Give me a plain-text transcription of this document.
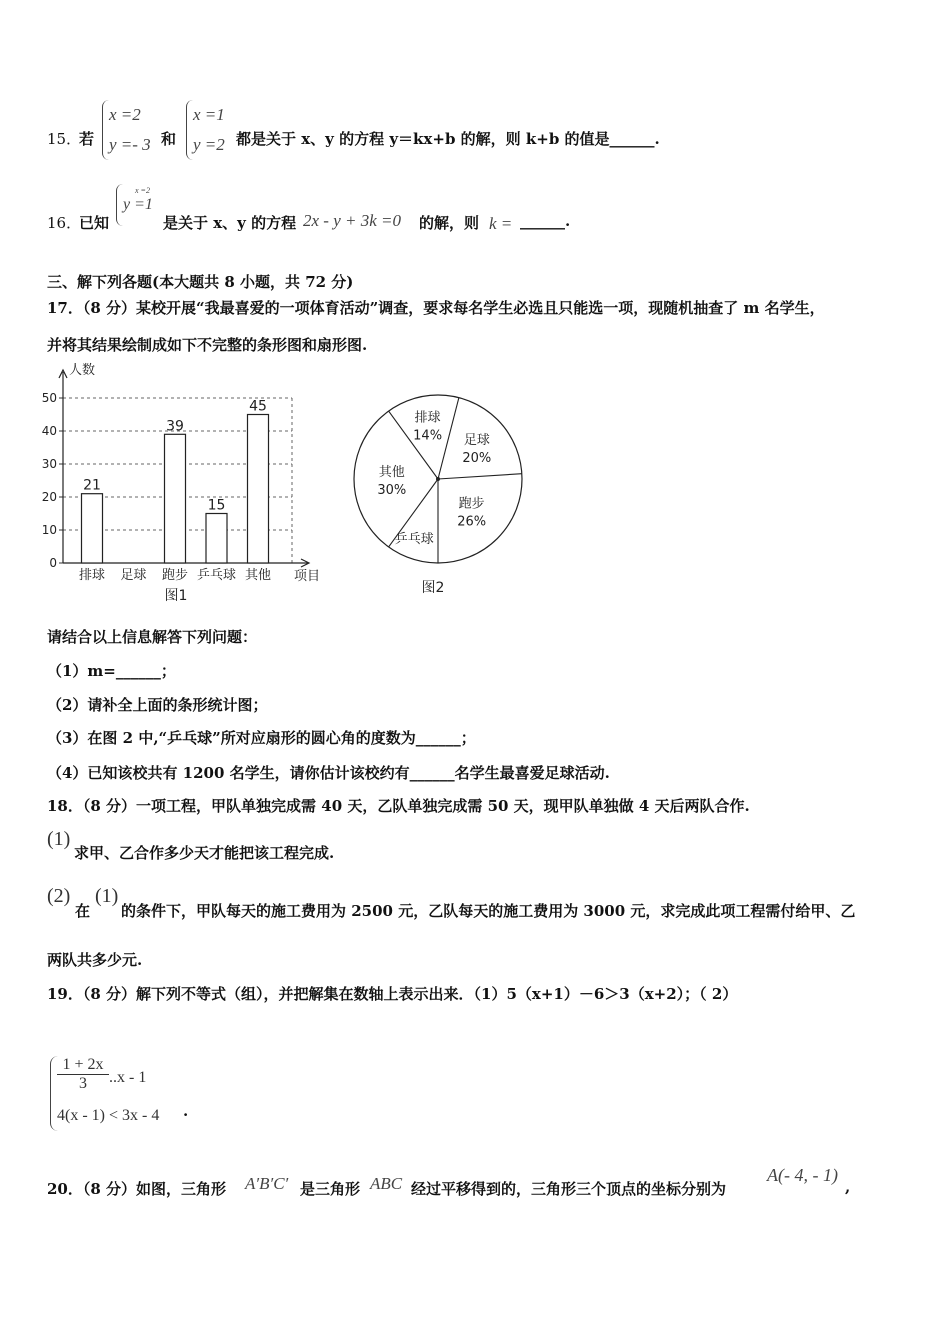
15．
若
x =2
y =- 3 和
x =1
y =2 都是关于 x、y 的方程 y＝kx+b 的解，则 k+b 的值是______.
16．
已知
x =2
y =1
是关于 x、y 的方程 2x - y + 3k =0 的解，则 k = ______.
三、解下列各题(本大题共 8 小题，共 72 分)
17．（8 分）某校开展“我最喜爱的一项体育活动”调查，要求每名学生必选且只能选一项，现随机抽查了 m 名学生，
并将其结果绘制成如下不完整的条形图和扇形图.
0
10
20
30
40
50
人数
项目
21
排球 足球
39
跑步
15
乒乓球
45
其他
图1
排球
14% 足球
20%
跑步
26%
乒乓球
其他
30%
图2
请结合以上信息解答下列问题：
（1）m=______；
（2）请补全上面的条形统计图；
（3）在图 2 中,“乒乓球”所对应扇形的圆心角的度数为______；
（4）已知该校共有 1200 名学生，请你估计该校约有______名学生最喜爱足球活动.
18．（8 分）一项工程，甲队单独完成需 40 天，乙队单独完成需 50 天，现甲队单独做 4 天后两队合作.
(1)
求甲、乙合作多少天才能把该工程完成.
(2)
在
(1)
的条件下，甲队每天的施工费用为 2500 元，乙队每天的施工费用为 3000 元，求完成此项工程需付给甲、乙
两队共多少元.
19．（8 分）解下列不等式（组），并把解集在数轴上表示出来．（1）5（x+1）－6＞3（x+2）；（ 2）
1 + 2x
3	..x - 1
4(x - 1) < 3x - 4 .
20．（8 分）如图，三角形 A′B′C′ 是三角形 ABC 经过平移得到的，三角形三个顶点的坐标分别为
A(- 4, - 1)
,
